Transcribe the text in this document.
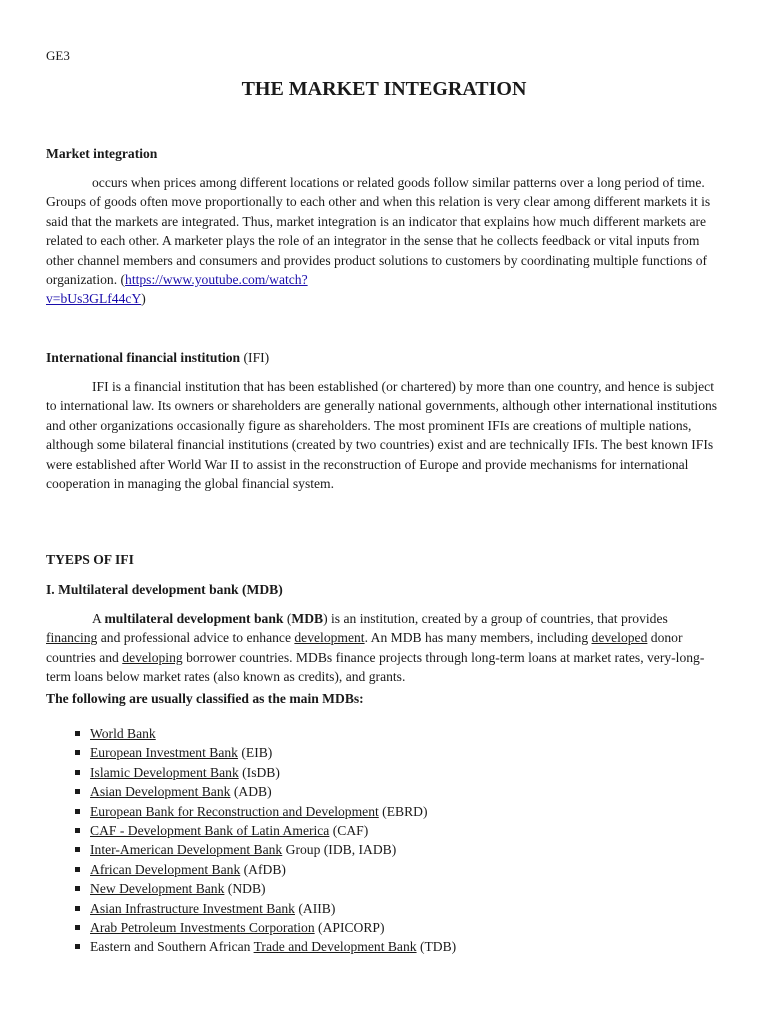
GE3
THE MARKET INTEGRATION
Market integration

occurs when prices among different locations or related goods follow similar patterns over a long period of time. Groups of goods often move proportionally to each other and when this relation is very clear among different markets it is said that the markets are integrated. Thus, market integration is an indicator that explains how much different markets are related to each other. A marketer plays the role of an integrator in the sense that he collects feedback or vital inputs from other channel members and consumers and provides product solutions to customers by coordinating multiple functions of organization. (https://www.youtube.com/watch?
v=bUs3GLf44cY)

International financial institution (IFI)

IFI is a financial institution that has been established (or chartered) by more than one country, and hence is subject to international law. Its owners or shareholders are generally national governments, although other international institutions and other organizations occasionally figure as shareholders. The most prominent IFIs are creations of multiple nations, although some bilateral financial institutions (created by two countries) exist and are technically IFIs. The best known IFIs were established after World War II to assist in the reconstruction of Europe and provide mechanisms for international cooperation in managing the global financial system.

TYEPS OF IFI
I. Multilateral development bank (MDB)

A multilateral development bank (MDB) is an institution, created by a group of countries, that provides financing and professional advice to enhance development. An MDB has many members, including developed donor countries and developing borrower countries. MDBs finance projects through long-term loans at market rates, very-long-term loans below market rates (also known as credits), and grants.

The following are usually classified as the main MDBs:
World Bank
European Investment Bank (EIB)
Islamic Development Bank (IsDB)
Asian Development Bank (ADB)
European Bank for Reconstruction and Development (EBRD)
CAF - Development Bank of Latin America (CAF)
Inter-American Development Bank Group (IDB, IADB)
African Development Bank (AfDB)
New Development Bank (NDB)
Asian Infrastructure Investment Bank (AIIB)
Arab Petroleum Investments Corporation (APICORP)
Eastern and Southern African Trade and Development Bank (TDB)
